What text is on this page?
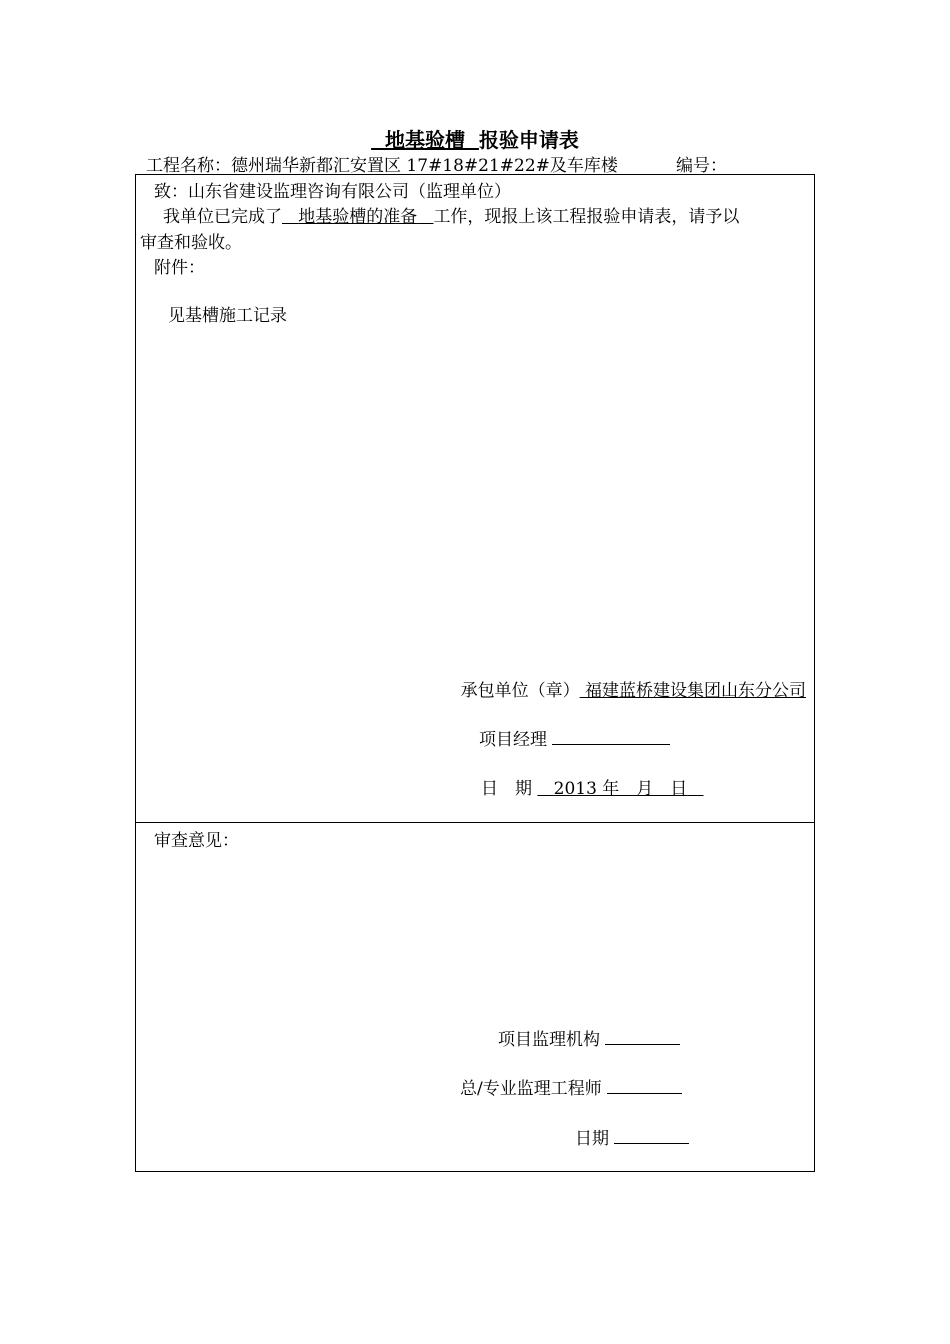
地基验槽 报验申请表
工程名称：德州瑞华新都汇安置区 17#18#21#22#及车库楼	编号：
致：山东省建设监理咨询有限公司（监理单位）
我单位已完成了 地基验槽的准备 工作，现报上该工程报验申请表，请予以
审查和验收。
附件：
见基槽施工记录
承包单位（章） 福建蓝桥建设集团山东分公司
项目经理
日　期 2013 年　月　日
审查意见：
项目监理机构
总/专业监理工程师
日期
